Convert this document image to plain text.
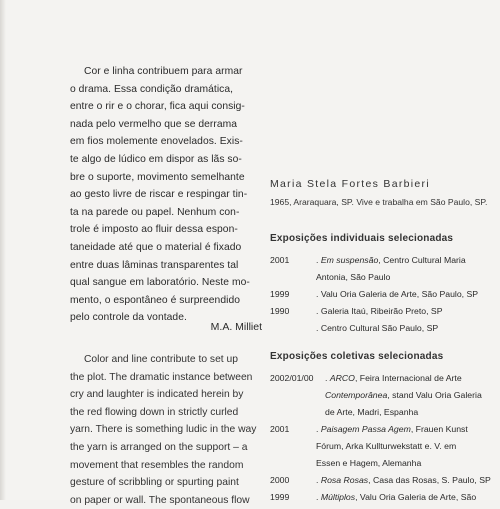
Cor e linha contribuem para armar
o drama. Essa condição dramática,
entre o rir e o chorar, fica aqui consig-
nada pelo vermelho que se derrama
em fios molemente enovelados. Exis-
te algo de lúdico em dispor as lãs so-
bre o suporte, movimento semelhante
ao gesto livre de riscar e respingar tin-
ta na parede ou papel. Nenhum con-
trole é imposto ao fluir dessa espon-
taneidade até que o material é fixado
entre duas lâminas transparentes tal
qual sangue em laboratório. Neste mo-
mento, o espontâneo é surpreendido
pelo controle da vontade.
M.A. Milliet
Color and line contribute to set up
the plot. The dramatic instance between
cry and laughter is indicated herein by
the red flowing down in strictly curled
yarn. There is something ludic in the way
the yarn is arranged on the support – a
movement that resembles the random
gesture of scribbling or spurting paint
on paper or wall. The spontaneous flow
Maria Stela Fortes Barbieri
1965, Araraquara, SP. Vive e trabalha em São Paulo, SP.
Exposições individuais selecionadas
2001	. Em suspensão, Centro Cultural Maria
Antonia, São Paulo
1999	. Valu Oria Galeria de Arte, São Paulo, SP
1990	. Galeria Itaú, Ribeirão Preto, SP
. Centro Cultural São Paulo, SP
Exposições coletivas selecionadas
2002/01/00 . ARCO, Feira Internacional de Arte
Contemporânea, stand Valu Oria Galeria
de Arte, Madri, Espanha
2001	. Paisagem Passa Agem, Frauen Kunst
Fórum, Arka Kullturwekstatt e. V. em
Essen e Hagem, Alemanha
2000	. Rosa Rosas, Casa das Rosas, S. Paulo, SP
1999	. Múltiplos, Valu Oria Galeria de Arte, São
